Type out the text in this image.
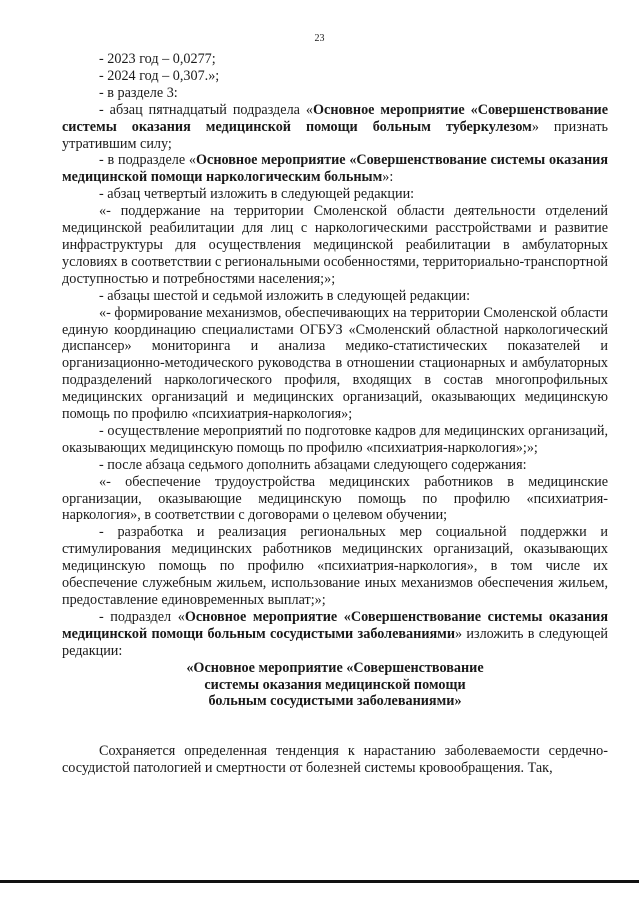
23

- 2023 год – 0,0277;

- 2024 год – 0,307.»;

- в разделе 3:

- абзац пятнадцатый подраздела «Основное мероприятие «Совершенствование системы оказания медицинской помощи больным туберкулезом» признать утратившим силу;

- в подразделе «Основное мероприятие «Совершенствование системы оказания медицинской помощи наркологическим больным»:

- абзац четвертый изложить в следующей редакции:

«- поддержание на территории Смоленской области деятельности отделений медицинской реабилитации для лиц с наркологическими расстройствами и развитие инфраструктуры для осуществления медицинской реабилитации в амбулаторных условиях в соответствии с региональными особенностями, территориально-транспортной доступностью и потребностями населения;»;

- абзацы шестой и седьмой изложить в следующей редакции:

«- формирование механизмов, обеспечивающих на территории Смоленской области единую координацию специалистами ОГБУЗ «Смоленский областной наркологический диспансер» мониторинга и анализа медико-статистических показателей и организационно-методического руководства в отношении стационарных и амбулаторных подразделений наркологического профиля, входящих в состав многопрофильных медицинских организаций и медицинских организаций, оказывающих медицинскую помощь по профилю «психиатрия-наркология»;

- осуществление мероприятий по подготовке кадров для медицинских организаций, оказывающих медицинскую помощь по профилю «психиатрия-наркология»;»;

- после абзаца седьмого дополнить абзацами следующего содержания:

«- обеспечение трудоустройства медицинских работников в медицинские организации, оказывающие медицинскую помощь по профилю «психиатрия-наркология», в соответствии с договорами о целевом обучении;

- разработка и реализация региональных мер социальной поддержки и стимулирования медицинских работников медицинских организаций, оказывающих медицинскую помощь по профилю «психиатрия-наркология», в том числе их обеспечение служебным жильем, использование иных механизмов обеспечения жильем, предоставление единовременных выплат;»;

- подраздел «Основное мероприятие «Совершенствование системы оказания медицинской помощи больным сосудистыми заболеваниями» изложить в следующей редакции:

«Основное мероприятие «Совершенствование
системы оказания медицинской помощи
больным сосудистыми заболеваниями»

Сохраняется определенная тенденция к нарастанию заболеваемости сердечно-сосудистой патологией и смертности от болезней системы кровообращения. Так,
